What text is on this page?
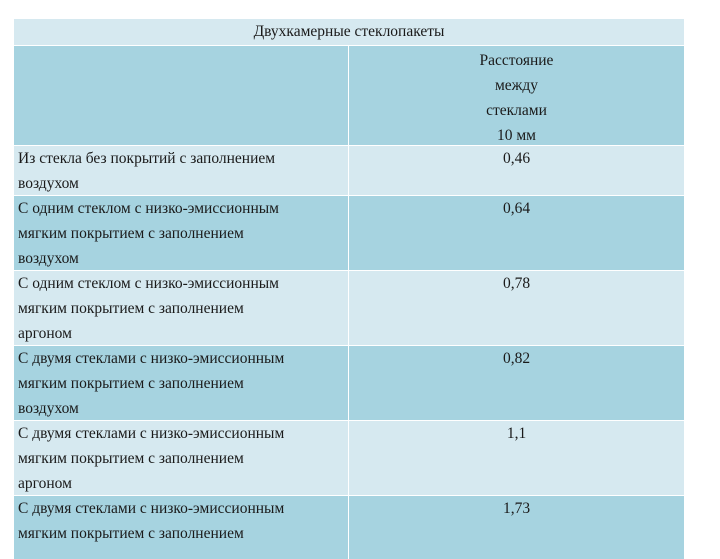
Двухкамерные стеклопакеты
Расстояние
между
стеклами
10 мм
Из стекла без покрытий с заполнением
воздухом
0,46
С одним стеклом с низко-эмиссионным
мягким покрытием с заполнением
воздухом
0,64
С одним стеклом с низко-эмиссионным
мягким покрытием с заполнением
аргоном
0,78
С двумя стеклами с низко-эмиссионным
мягким покрытием с заполнением
воздухом
0,82
С двумя стеклами с низко-эмиссионным
мягким покрытием с заполнением
аргоном
1,1
С двумя стеклами с низко-эмиссионным
мягким покрытием с заполнением
1,73
